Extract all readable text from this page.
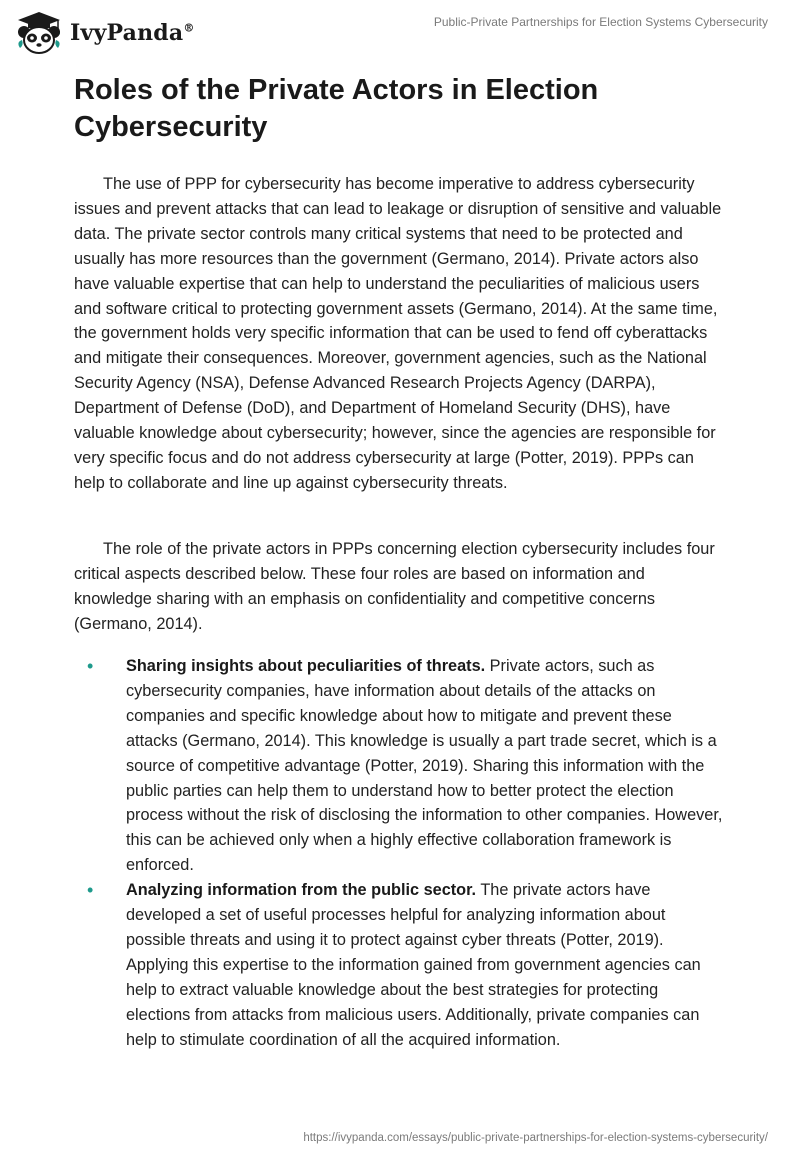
IvyPanda®	Public-Private Partnerships for Election Systems Cybersecurity
Roles of the Private Actors in Election Cybersecurity

The use of PPP for cybersecurity has become imperative to address cybersecurity issues and prevent attacks that can lead to leakage or disruption of sensitive and valuable data. The private sector controls many critical systems that need to be protected and usually has more resources than the government (Germano, 2014). Private actors also have valuable expertise that can help to understand the peculiarities of malicious users and software critical to protecting government assets (Germano, 2014). At the same time, the government holds very specific information that can be used to fend off cyberattacks and mitigate their consequences. Moreover, government agencies, such as the National Security Agency (NSA), Defense Advanced Research Projects Agency (DARPA), Department of Defense (DoD), and Department of Homeland Security (DHS), have valuable knowledge about cybersecurity; however, since the agencies are responsible for very specific focus and do not address cybersecurity at large (Potter, 2019). PPPs can help to collaborate and line up against cybersecurity threats.

The role of the private actors in PPPs concerning election cybersecurity includes four critical aspects described below. These four roles are based on information and knowledge sharing with an emphasis on confidentiality and competitive concerns (Germano, 2014).

• Sharing insights about peculiarities of threats. Private actors, such as cybersecurity companies, have information about details of the attacks on companies and specific knowledge about how to mitigate and prevent these attacks (Germano, 2014). This knowledge is usually a part trade secret, which is a source of competitive advantage (Potter, 2019). Sharing this information with the public parties can help them to understand how to better protect the election process without the risk of disclosing the information to other companies. However, this can be achieved only when a highly effective collaboration framework is enforced.
• Analyzing information from the public sector. The private actors have developed a set of useful processes helpful for analyzing information about possible threats and using it to protect against cyber threats (Potter, 2019). Applying this expertise to the information gained from government agencies can help to extract valuable knowledge about the best strategies for protecting elections from attacks from malicious users. Additionally, private companies can help to stimulate coordination of all the acquired information.
https://ivypanda.com/essays/public-private-partnerships-for-election-systems-cybersecurity/
